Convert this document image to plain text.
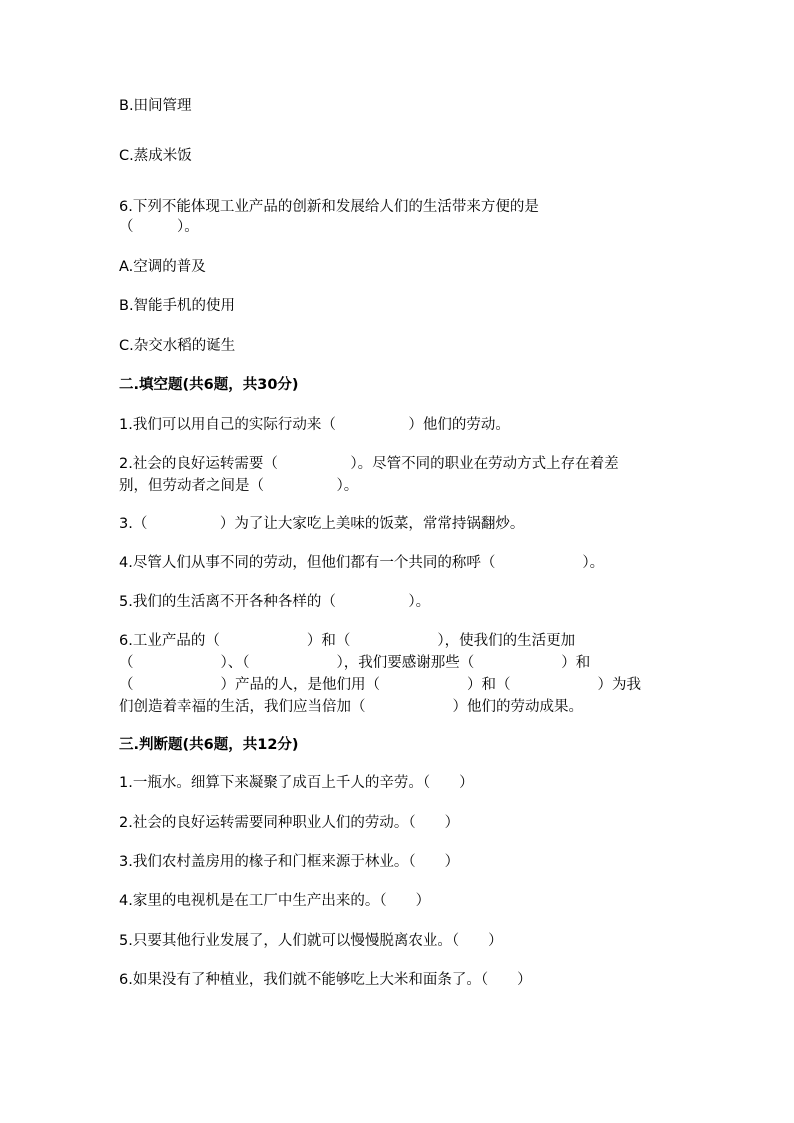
B.田间管理

C.蒸成米饭

6.下列不能体现工业产品的创新和发展给人们的生活带来方便的是

（　　　）。

A.空调的普及

B.智能手机的使用

C.杂交水稻的诞生

二.填空题(共6题，共30分)

1.我们可以用自己的实际行动来（　　　　　）他们的劳动。

2.社会的良好运转需要（　　　　　）。尽管不同的职业在劳动方式上存在着差

别，但劳动者之间是（　　　　　）。

3.（　　　　　）为了让大家吃上美味的饭菜，常常持锅翻炒。

4.尽管人们从事不同的劳动，但他们都有一个共同的称呼（　　　　　　）。

5.我们的生活离不开各种各样的（　　　　　）。

6.工业产品的（　　　　　　）和（　　　　　　），使我们的生活更加

（　　　　　　）、（　　　　　　），我们要感谢那些（　　　　　　）和

（　　　　　　）产品的人，是他们用（　　　　　　）和（　　　　　　）为我

们创造着幸福的生活，我们应当倍加（　　　　　　）他们的劳动成果。

三.判断题(共6题，共12分)

1.一瓶水。细算下来凝聚了成百上千人的辛劳。（　　）

2.社会的良好运转需要同种职业人们的劳动。（　　）

3.我们农村盖房用的椽子和门框来源于林业。（　　）

4.家里的电视机是在工厂中生产出来的。（　　）

5.只要其他行业发展了，人们就可以慢慢脱离农业。（　　）

6.如果没有了种植业，我们就不能够吃上大米和面条了。（　　）
